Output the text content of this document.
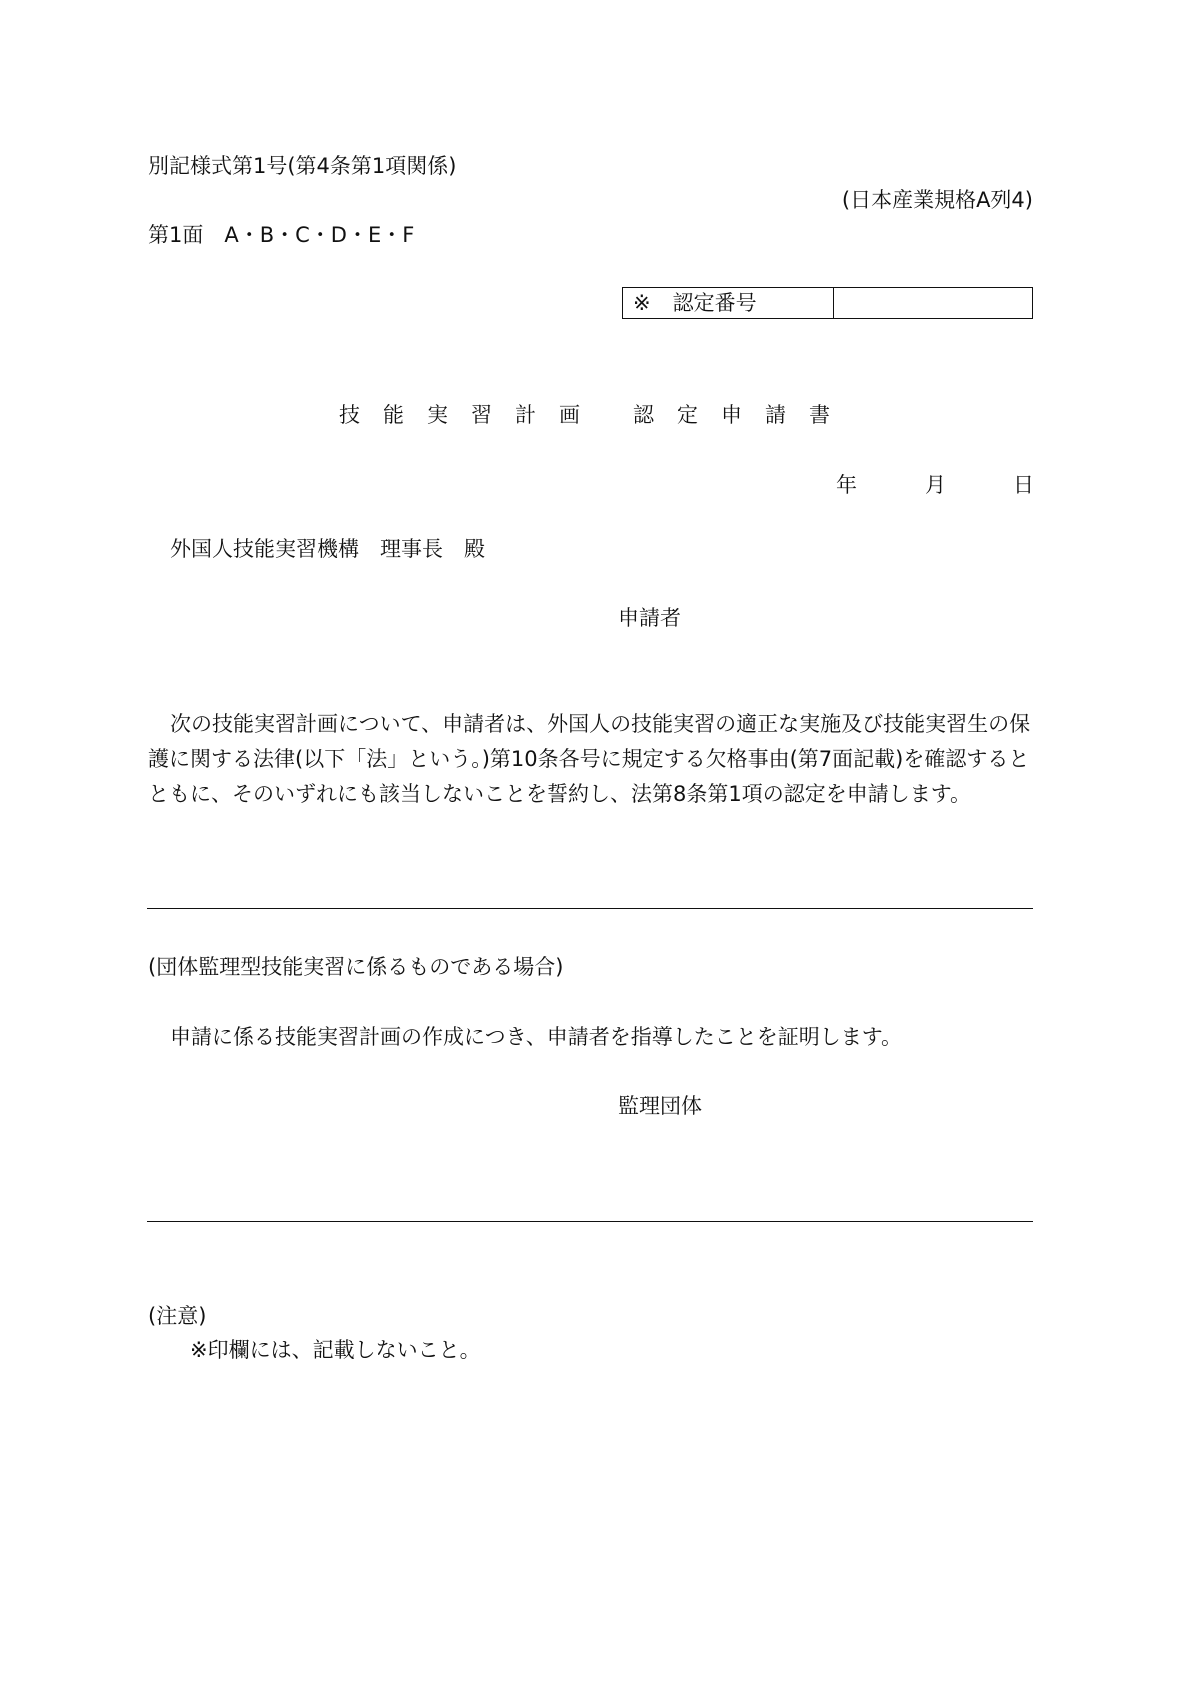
別記様式第1号(第4条第1項関係)
(日本産業規格A列4)
第1面　A・B・C・D・E・F
※ 認定番号
技能実習計画 認定申請書
年	月	日
外国人技能実習機構　理事長　殿
申請者
次の技能実習計画について、申請者は、外国人の技能実習の適正な実施及び技能実習生の保護に関する法律(以下「法」という。)第10条各号に規定する欠格事由(第7面記載)を確認するとともに、そのいずれにも該当しないことを誓約し、法第8条第1項の認定を申請します。
(団体監理型技能実習に係るものである場合)
申請に係る技能実習計画の作成につき、申請者を指導したことを証明します。
監理団体
(注意)
※印欄には、記載しないこと。
